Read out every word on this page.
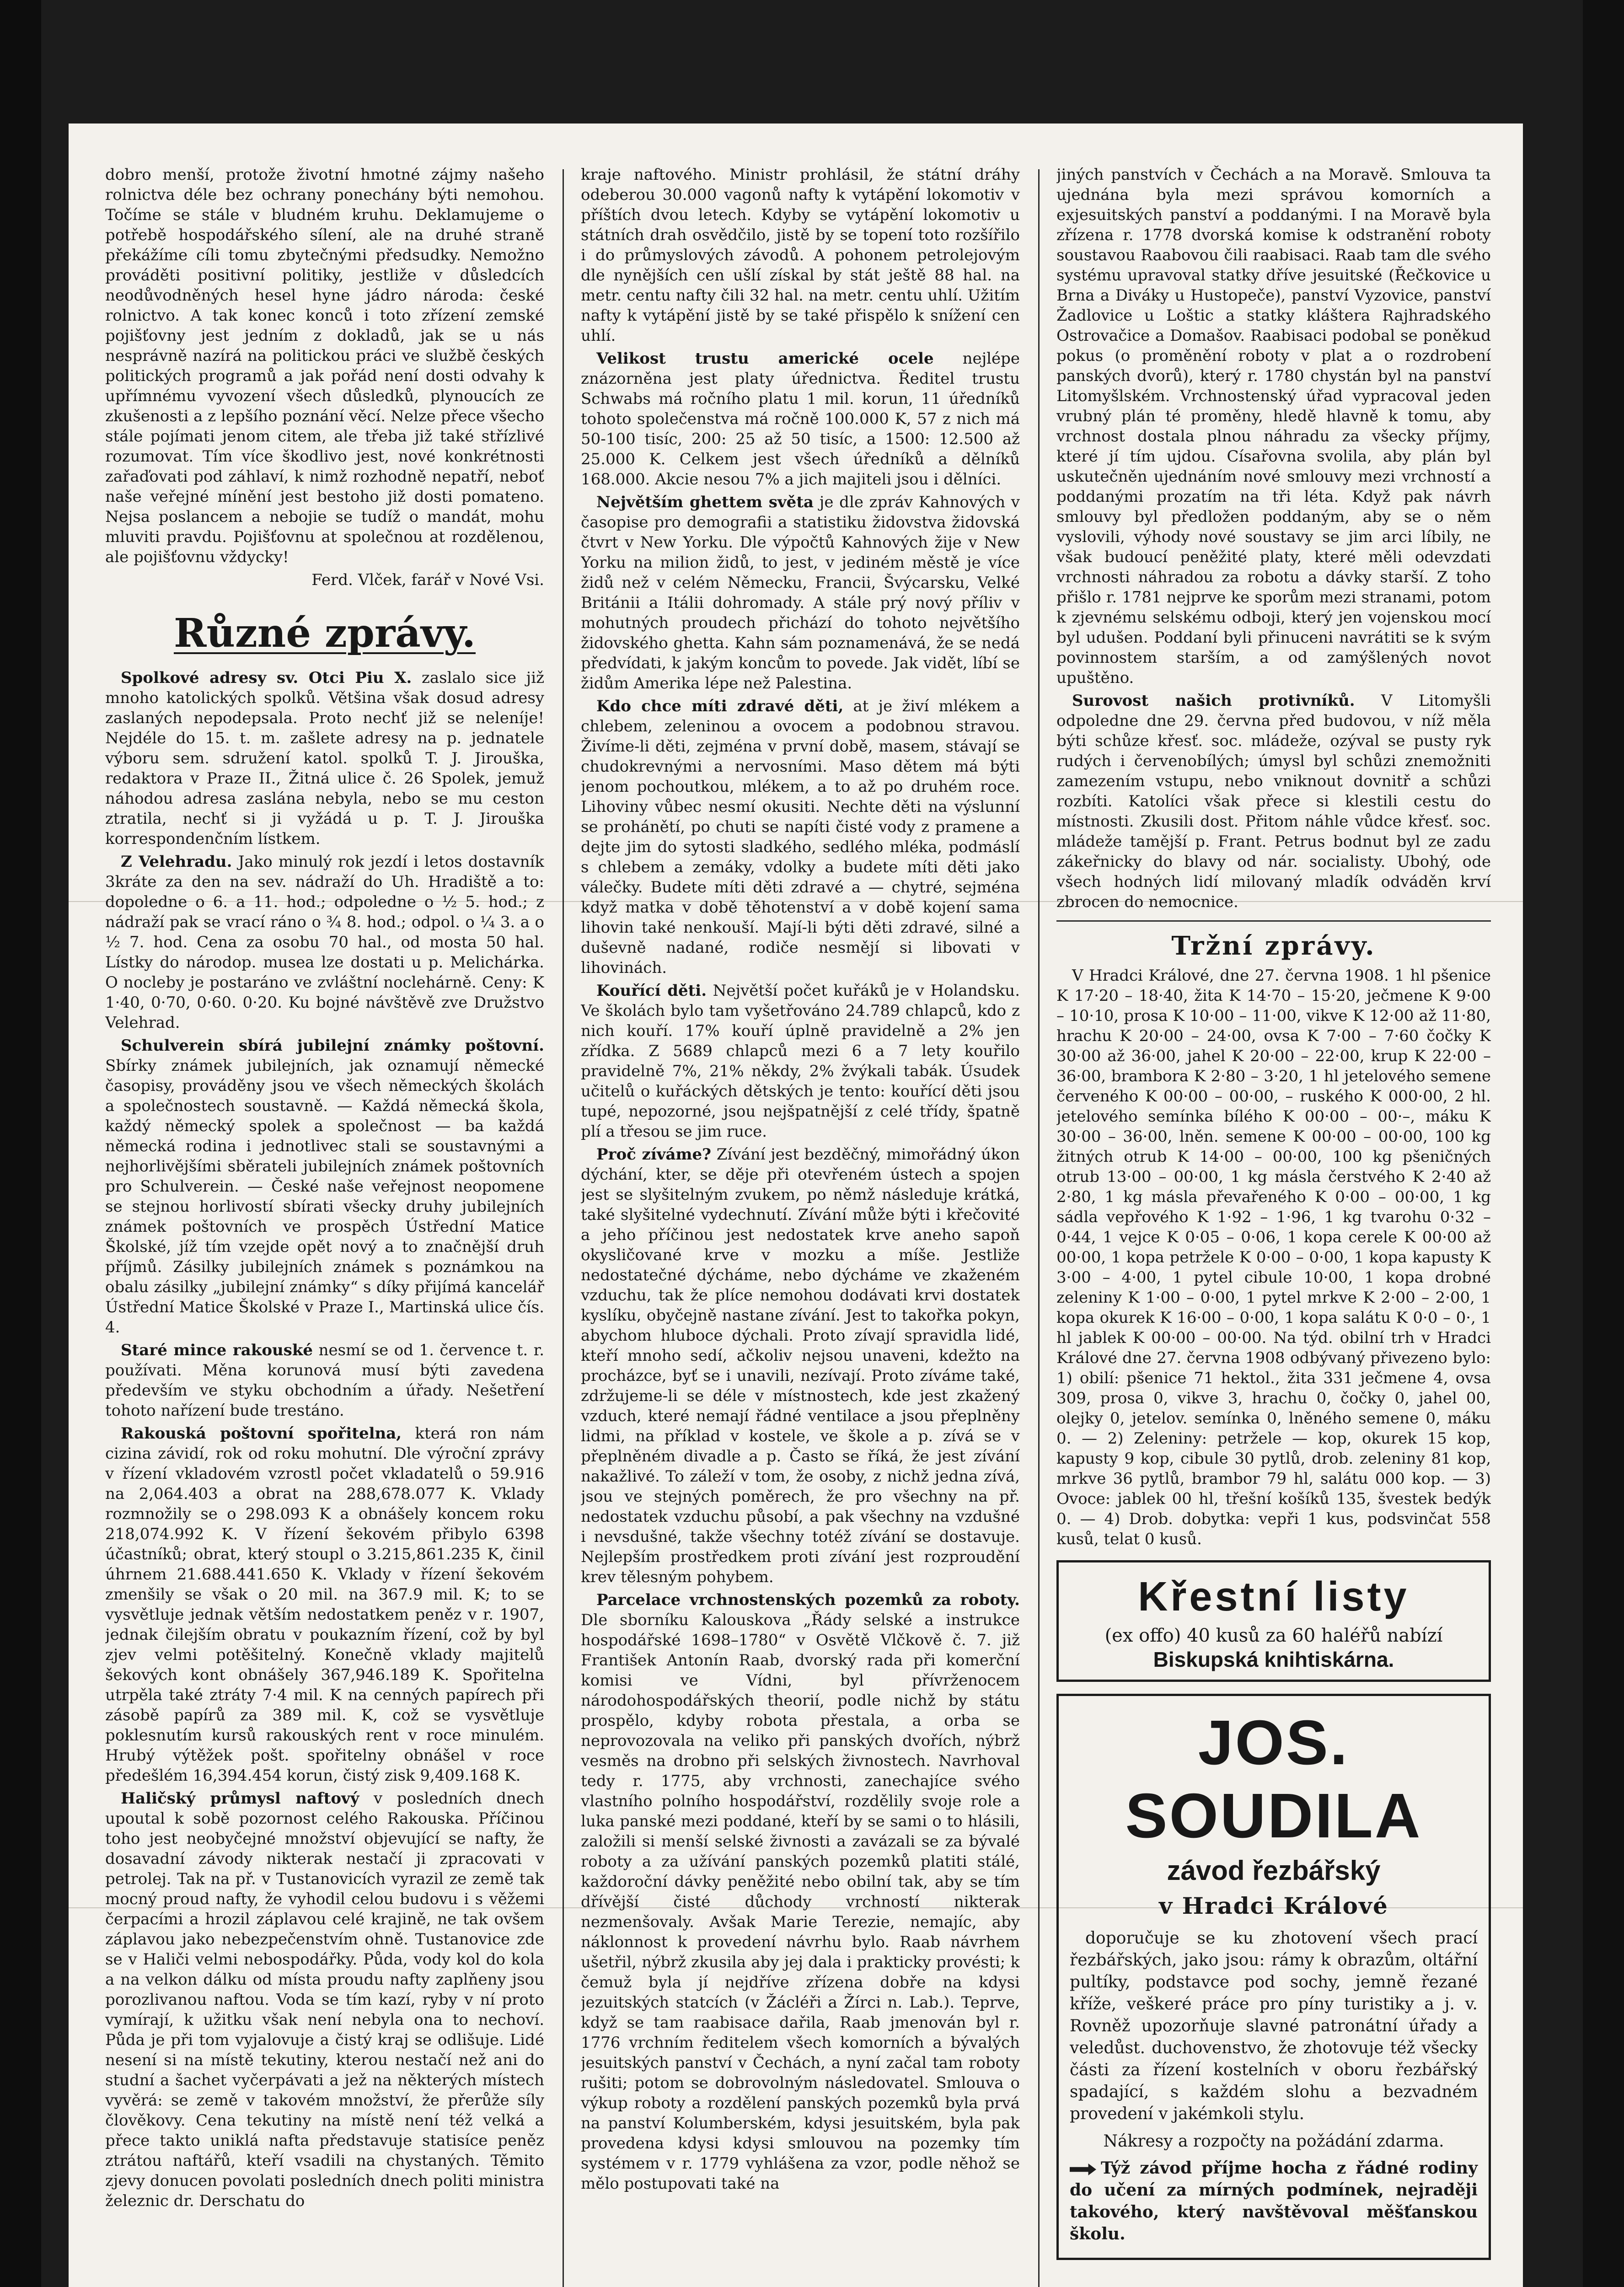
dobro menší, protože životní hmotné zájmy našeho rolnictva déle bez ochrany ponechány býti nemohou. Točíme se stále v bludném kruhu. Deklamujeme o potřebě hospodářského sílení, ale na druhé straně překážíme cíli tomu zbytečnými předsudky. Nemožno prováděti positivní politiky, jestliže v důsledcích neodůvodněných hesel hyne jádro národa: české rolnictvo. A tak konec konců i toto zřízení zemské pojišťovny jest jedním z dokladů, jak se u nás nesprávně nazírá na politickou práci ve službě českých politických programů a jak pořád není dosti odvahy k upřímnému vyvození všech důsledků, plynoucích ze zkušenosti a z lepšího poznání věcí. Nelze přece všecho stále pojímati jenom citem, ale třeba již také střízlivé rozumovat. Tím více škodlivo jest, nové konkrétnosti zařaďovati pod záhlaví, k nimž rozhodně nepatří, neboť naše veřejné mínění jest bestoho již dosti pomateno. Nejsa poslancem a nebojie se tudíž o mandát, mohu mluviti pravdu. Pojišťovnu at společnou at rozdělenou, ale pojišťovnu vždycky!

Ferd. Vlček, farář v Nové Vsi.

Různé zprávy.

Spolkové adresy sv. Otci Piu X. zaslalo sice již mnoho katolických spolků. Většina však dosud adresy zaslaných nepodepsala. Proto nechť již se neleníje! Nejdéle do 15. t. m. zašlete adresy na p. jednatele výboru sem. sdružení katol. spolků T. J. Jirouška, redaktora v Praze II., Žitná ulice č. 26 Spolek, jemuž náhodou adresa zaslána nebyla, nebo se mu ceston ztratila, nechť si ji vyžádá u p. T. J. Jirouška korrespondenčním lístkem.

Z Velehradu. Jako minulý rok jezdí i letos dostavník 3kráte za den na sev. nádraží do Uh. Hradiště a to: dopoledne o 6. a 11. hod.; odpoledne o ½ 5. hod.; z nádraží pak se vrací ráno o ¾ 8. hod.; odpol. o ¼ 3. a o ½ 7. hod. Cena za osobu 70 hal., od mosta 50 hal. Lístky do národop. musea lze dostati u p. Melichárka. O nocleby je postaráno ve zvláštní noclehárně. Ceny: K 1·40, 0·70, 0·60. 0·20. Ku bojné návštěvě zve Družstvo Velehrad.

Schulverein sbírá jubilejní známky poštovní. Sbírky známek jubilejních, jak oznamují německé časopisy, prováděny jsou ve všech německých školách a společnostech soustavně. — Každá německá škola, každý německý spolek a společnost — ba každá německá rodina i jednotlivec stali se soustavnými a nejhorlivějšími sběrateli jubilejních známek poštovních pro Schulverein. — České naše veřejnost neopomene se stejnou horlivostí sbírati všecky druhy jubilejních známek poštovních ve prospěch Ústřední Matice Školské, jíž tím vzejde opět nový a to značnější druh příjmů. Zásilky jubilejních známek s poznámkou na obalu zásilky „jubilejní známky“ s díky přijímá kancelář Ústřední Matice Školské v Praze I., Martinská ulice čís. 4.

Staré mince rakouské nesmí se od 1. července t. r. používati. Měna korunová musí býti zavedena především ve styku obchodním a úřady. Nešetření tohoto nařízení bude trestáno.

Rakouská poštovní spořitelna, která ron nám cizina závidí, rok od roku mohutní. Dle výroční zprávy v řízení vkladovém vzrostl počet vkladatelů o 59.916 na 2,064.403 a obrat na 288,678.077 K. Vklady rozmnožily se o 298.093 K a obnášely koncem roku 218,074.992 K. V řízení šekovém přibylo 6398 účastníků; obrat, který stoupl o 3.215,861.235 K, činil úhrnem 21.688.441.650 K. Vklady v řízení šekovém zmenšily se však o 20 mil. na 367.9 mil. K; to se vysvětluje jednak větším nedostatkem peněz v r. 1907, jednak čilejším obratu v poukazním řízení, což by byl zjev velmi potěšitelný. Konečně vklady majitelů šekových kont obnášely 367,946.189 K. Spořitelna utrpěla také ztráty 7·4 mil. K na cenných papírech při zásobě papírů za 389 mil. K, což se vysvětluje poklesnutím kursů rakouských rent v roce minulém. Hrubý výtěžek pošt. spořitelny obnášel v roce předešlém 16,394.454 korun, čistý zisk 9,409.168 K.

Haličský průmysl naftový v posledních dnech upoutal k sobě pozornost celého Rakouska. Příčinou toho jest neobyčejné množství objevující se nafty, že dosavadní závody nikterak nestačí ji zpracovati v petrolej. Tak na př. v Tustanovicích vyrazil ze země tak mocný proud nafty, že vyhodil celou budovu i s věžemi čerpacími a hrozil záplavou celé krajině, ne tak ovšem záplavou jako nebezpečenstvím ohně. Tustanovice zde se v Haliči velmi nebospodářky. Půda, vody kol do kola a na velkon dálku od místa proudu nafty zaplňeny jsou porozlivanou naftou. Voda se tím kazí, ryby v ní proto vymírají, k užitku však není nebyla ona to nechoví. Půda je při tom vyjalovuje a čistý kraj se odlišuje. Lidé nesení si na místě tekutiny, kterou nestačí než ani do studní a šachet vyčerpávati a jež na některých místech vyvěrá: se země v takovém množství, že přerůže síly člověkovy. Cena tekutiny na místě není též velká a přece takto uniklá nafta představuje statisíce peněz ztrátou naftářů, kteří vsadili na chystaných. Těmito zjevy donucen povolati posledních dnech politi ministra železnic dr. Derschatu do

kraje naftového. Ministr prohlásil, že státní dráhy odeberou 30.000 vagonů nafty k vytápění lokomotiv v příštích dvou letech. Kdyby se vytápění lokomotiv u státních drah osvědčilo, jistě by se topení toto rozšířilo i do průmyslových závodů. A pohonem petrolejovým dle nynějších cen ušlí získal by stát ještě 88 hal. na metr. centu nafty čili 32 hal. na metr. centu uhlí. Užitím nafty k vytápění jistě by se také přispělo k snížení cen uhlí.

Velikost trustu americké ocele nejlépe znázorněna jest platy úřednictva. Ředitel trustu Schwabs má ročního platu 1 mil. korun, 11 úředníků tohoto společenstva má ročně 100.000 K, 57 z nich má 50-100 tisíc, 200: 25 až 50 tisíc, a 1500: 12.500 až 25.000 K. Celkem jest všech úředníků a dělníků 168.000. Akcie nesou 7% a jich majiteli jsou i dělníci.

Největším ghettem světa je dle zpráv Kahnových v časopise pro demografii a statistiku židovstva židovská čtvrt v New Yorku. Dle výpočtů Kahnových žije v New Yorku na milion židů, to jest, v jediném městě je více židů než v celém Německu, Francii, Švýcarsku, Velké Británii a Itálii dohromady. A stále prý nový příliv v mohutných proudech přichází do tohoto největšího židovského ghetta. Kahn sám poznamenává, že se nedá předvídati, k jakým koncům to povede. Jak vidět, líbí se židům Amerika lépe než Palestina.

Kdo chce míti zdravé děti, at je živí mlékem a chlebem, zeleninou a ovocem a podobnou stravou. Živíme-li děti, zejména v první době, masem, stávají se chudokrevnými a nervosními. Maso dětem má býti jenom pochoutkou, mlékem, a to až po druhém roce. Lihoviny vůbec nesmí okusiti. Nechte děti na výslunní se prohánětí, po chuti se napíti čisté vody z pramene a dejte jim do sytosti sladkého, sedlého mléka, podmáslí s chlebem a zemáky, vdolky a budete míti děti jako válečky. Budete míti děti zdravé a — chytré, sejména když matka v době těhotenství a v době kojení sama lihovin také nenkouší. Mají-li býti děti zdravé, silné a duševně nadané, rodiče nesmějí si libovati v lihovinách.

Kouřící děti. Největší počet kuřáků je v Holandsku. Ve školách bylo tam vyšetřováno 24.789 chlapců, kdo z nich kouří. 17% kouří úplně pravidelně a 2% jen zřídka. Z 5689 chlapců mezi 6 a 7 lety kouřilo pravidelně 7%, 21% někdy, 2% žvýkali tabák. Úsudek učitelů o kuřáckých dětských je tento: kouřící děti jsou tupé, nepozorné, jsou nejšpatnější z celé třídy, špatně plí a třesou se jim ruce.

Proč zíváme? Zívání jest bezděčný, mimořádný úkon dýchání, kter, se děje při otevřeném ústech a spojen jest se slyšitelným zvukem, po němž následuje krátká, také slyšitelné vydechnutí. Zívání může býti i křečovité a jeho příčinou jest nedostatek krve aneho sapoň okysličované krve v mozku a míše. Jestliže nedostatečné dýcháme, nebo dýcháme ve zkaženém vzduchu, tak že plíce nemohou dodávati krvi dostatek kyslíku, obyčejně nastane zívání. Jest to takořka pokyn, abychom hluboce dýchali. Proto zívají spravidla lidé, kteří mnoho sedí, ačkoliv nejsou unaveni, kdežto na procházce, byť se i unavili, nezívají. Proto zíváme také, zdržujeme-li se déle v místnostech, kde jest zkažený vzduch, které nemají řádné ventilace a jsou přeplněny lidmi, na příklad v kostele, ve škole a p. zívá se v přeplněném divadle a p. Často se říká, že jest zívání nakažlivé. To záleží v tom, že osoby, z nichž jedna zívá, jsou ve stejných poměrech, že pro všechny na př. nedostatek vzduchu působí, a pak všechny na vzdušné i nevsdušné, takže všechny totéž zívání se dostavuje. Nejlepším prostředkem proti zívání jest rozproudění krev tělesným pohybem.

Parcelace vrchnostenských pozemků za roboty. Dle sborníku Kalouskova „Řády selské a instrukce hospodářské 1698–1780“ v Osvětě Vlčkově č. 7. již František Antonín Raab, dvorský rada při komerční komisi ve Vídni, byl přívrženocem národohospodářských theorií, podle nichž by státu prospělo, kdyby robota přestala, a orba se neprovozovala na veliko při panských dvořích, nýbrž vesměs na drobno při selských živnostech. Navrhoval tedy r. 1775, aby vrchnosti, zanechajíce svého vlastního polního hospodářství, rozdělily svoje role a luka panské mezi poddané, kteří by se sami o to hlásili, založili si menší selské živnosti a zavázali se za bývalé roboty a za užívání panských pozemků platiti stálé, každoroční dávky peněžité nebo obilní tak, aby se tím dřívější čisté důchody vrchností nikterak nezmenšovaly. Avšak Marie Terezie, nemajíc, aby náklonnost k provedení návrhu bylo. Raab návrhem ušetřil, nýbrž zkusila aby jej dala i prakticky provésti; k čemuž byla jí nejdříve zřízena dobře na kdysi jezuitských statcích (v Žácléři a Žírci n. Lab.). Teprve, když se tam raabisace dařila, Raab jmenován byl r. 1776 vrchním ředitelem všech komorních a bývalých jesuitských panství v Čechách, a nyní začal tam roboty rušiti; potom se dobrovolným následovatel. Smlouva o výkup roboty a rozdělení panských pozemků byla prvá na panství Kolumberském, kdysi jesuitském, byla pak provedena kdysi kdysi smlouvou na pozemky tím systémem v r. 1779 vyhlášena za vzor, podle něhož se mělo postupovati také na

jiných panstvích v Čechách a na Moravě. Smlouva ta ujednána byla mezi správou komorních a exjesuitských panství a poddanými. I na Moravě byla zřízena r. 1778 dvorská komise k odstranění roboty soustavou Raabovou čili raabisaci. Raab tam dle svého systému upravoval statky dříve jesuitské (Řečkovice u Brna a Diváky u Hustopeče), panství Vyzovice, panství Žadlovice u Loštic a statky kláštera Rajhradského Ostrovačice a Domašov. Raabisaci podobal se poněkud pokus (o proměnění roboty v plat a o rozdrobení panských dvorů), který r. 1780 chystán byl na panství Litomyšlském. Vrchnostenský úřad vypracoval jeden vrubný plán té proměny, hledě hlavně k tomu, aby vrchnost dostala plnou náhradu za všecky příjmy, které jí tím ujdou. Císařovna svolila, aby plán byl uskutečněn ujednáním nové smlouvy mezi vrchností a poddanými prozatím na tři léta. Když pak návrh smlouvy byl předložen poddaným, aby se o něm vyslovili, výhody nové soustavy se jim arci líbily, ne však budoucí peněžité platy, které měli odevzdati vrchnosti náhradou za robotu a dávky starší. Z toho přišlo r. 1781 nejprve ke sporům mezi stranami, potom k zjevnému selskému odboji, který jen vojenskou mocí byl udušen. Poddaní byli přinuceni navrátiti se k svým povinnostem starším, a od zamýšlených novot upuštěno.

Surovost našich protivníků. V Litomyšli odpoledne dne 29. června před budovou, v níž měla býti schůze křesť. soc. mládeže, ozýval se pusty ryk rudých i červenobílých; úmysl byl schůzi znemožniti zamezením vstupu, nebo vniknout dovnitř a schůzi rozbíti. Katolíci však přece si klestili cestu do místnosti. Zkusili dost. Přitom náhle vůdce křesť. soc. mládeže tamější p. Frant. Petrus bodnut byl ze zadu zákeřnicky do blavy od nár. socialisty. Ubohý, ode všech hodných lidí milovaný mladík odváděn krví zbrocen do nemocnice.

Tržní zprávy.

V Hradci Králové, dne 27. června 1908. 1 hl pšenice K 17·20 – 18·40, žita K 14·70 – 15·20, ječmene K 9·00 – 10·10, prosa K 10·00 – 11·00, vikve K 12·00 až 11·80, hrachu K 20·00 – 24·00, ovsa K 7·00 – 7·60 čočky K 30·00 až 36·00, jahel K 20·00 – 22·00, krup K 22·00 – 36·00, brambora K 2·80 – 3·20, 1 hl jetelového semene červeného K 00·00 – 00·00, – ruského K 000·00, 2 hl. jetelového semínka bílého K 00·00 – 00·–, máku K 30·00 – 36·00, lněn. semene K 00·00 – 00·00, 100 kg žitných otrub K 14·00 – 00·00, 100 kg pšeničných otrub 13·00 – 00·00, 1 kg másla čerstvého K 2·40 až 2·80, 1 kg másla převařeného K 0·00 – 00·00, 1 kg sádla vepřového K 1·92 – 1·96, 1 kg tvarohu 0·32 – 0·44, 1 vejce K 0·05 – 0·06, 1 kopa cerele K 00·00 až 00·00, 1 kopa petržele K 0·00 – 0·00, 1 kopa kapusty K 3·00 – 4·00, 1 pytel cibule 10·00, 1 kopa drobné zeleniny K 1·00 – 0·00, 1 pytel mrkve K 2·00 – 2·00, 1 kopa okurek K 16·00 – 0·00, 1 kopa salátu K 0·0 – 0·, 1 hl jablek K 00·00 – 00·00. Na týd. obilní trh v Hradci Králové dne 27. června 1908 odbývaný přivezeno bylo: 1) obilí: pšenice 71 hektol., žita 331 ječmene 4, ovsa 309, prosa 0, vikve 3, hrachu 0, čočky 0, jahel 00, olejky 0, jetelov. semínka 0, lněného semene 0, máku 0. — 2) Zeleniny: petržele — kop, okurek 15 kop, kapusty 9 kop, cibule 30 pytlů, drob. zeleniny 81 kop, mrkve 36 pytlů, brambor 79 hl, salátu 000 kop. — 3) Ovoce: jablek 00 hl, třešní košíků 135, švestek bedýk 0. — 4) Drob. dobytka: vepři 1 kus, podsvinčat 558 kusů, telat 0 kusů.

Křestní listy

(ex offo) 40 kusů za 60 haléřů nabízí

Biskupská knihtiskárna.

JOS. SOUDILA
závod řezbářský
v Hradci Králové

doporučuje se ku zhotovení všech prací řezbářských, jako jsou: rámy k obrazům, oltářní pultíky, podstavce pod sochy, jemně řezané kříže, veškeré práce pro píny turistiky a j. v. Rovněž upozorňuje slavné patronátní úřady a veledůst. duchovenstvo, že zhotovuje též všecky části za řízení kostelních v oboru řezbářský spadající, s každém slohu a bezvadném provedení v jakémkoli stylu.

Nákresy a rozpočty na požádání zdarma.

Týž závod příjme hocha z řádné rodiny do učení za mírných podmínek, nejraději takového, který navštěvoval měšťanskou školu.
